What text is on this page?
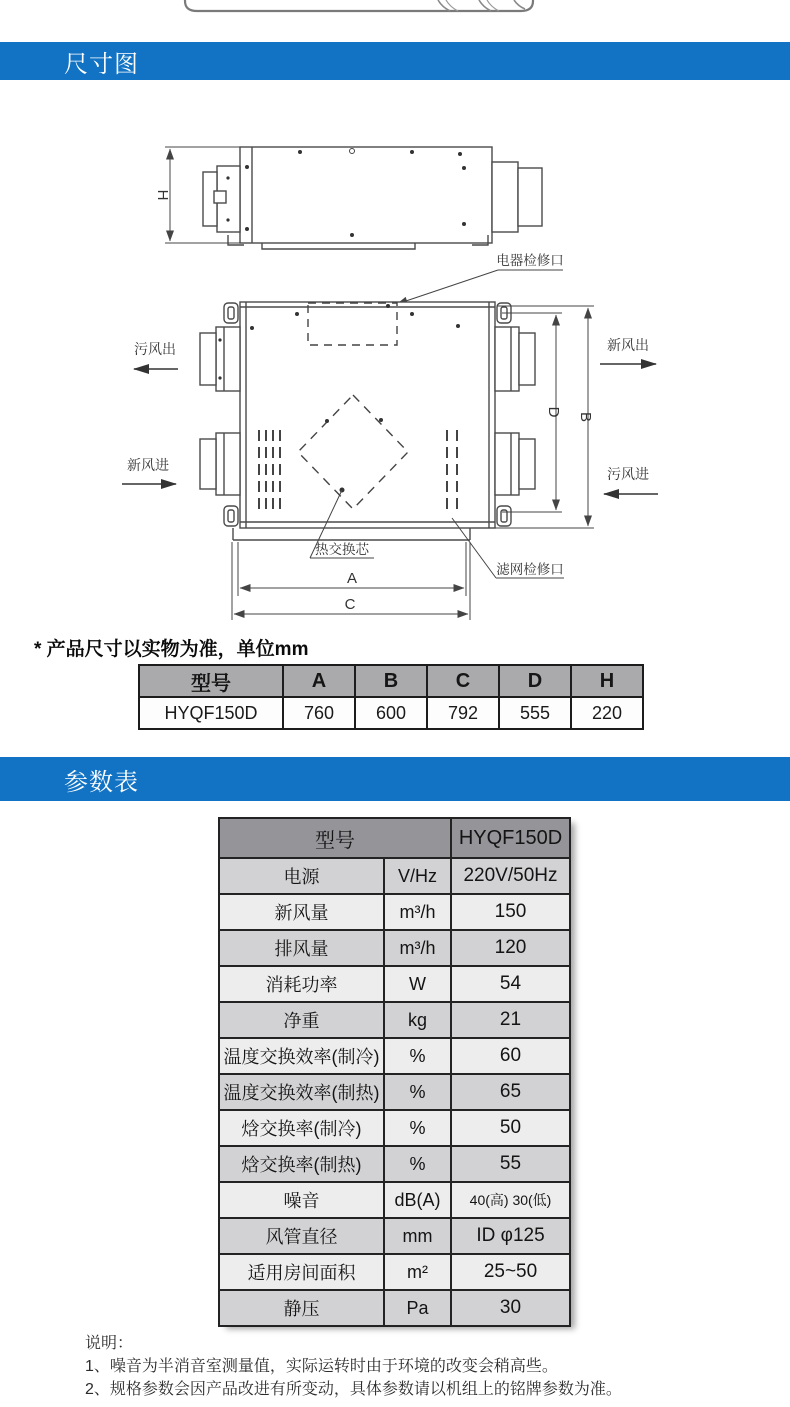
尺寸图
H
电器检修口
A
C
D B
污风出
新风进
新风出
污风进
热交换芯
滤网检修口
* 产品尺寸以实物为准，单位mm
型号	A	B	C	D	H
HYQF150D	760	600	792	555	220
参数表
型号		HYQF150D
电源	V/Hz	220V/50Hz
新风量	m³/h	150
排风量	m³/h	120
消耗功率	W	54
净重	kg	21
温度交换效率(制冷)	%	60
温度交换效率(制热)	%	65
焓交换率(制冷)	%	50
焓交换率(制热)	%	55
噪音	dB(A)	40(高) 30(低)
风管直径	mm	ID φ125
适用房间面积	m²	25~50
静压	Pa	30
说明：
1、噪音为半消音室测量值，实际运转时由于环境的改变会稍高些。
2、规格参数会因产品改进有所变动，具体参数请以机组上的铭牌参数为准。
